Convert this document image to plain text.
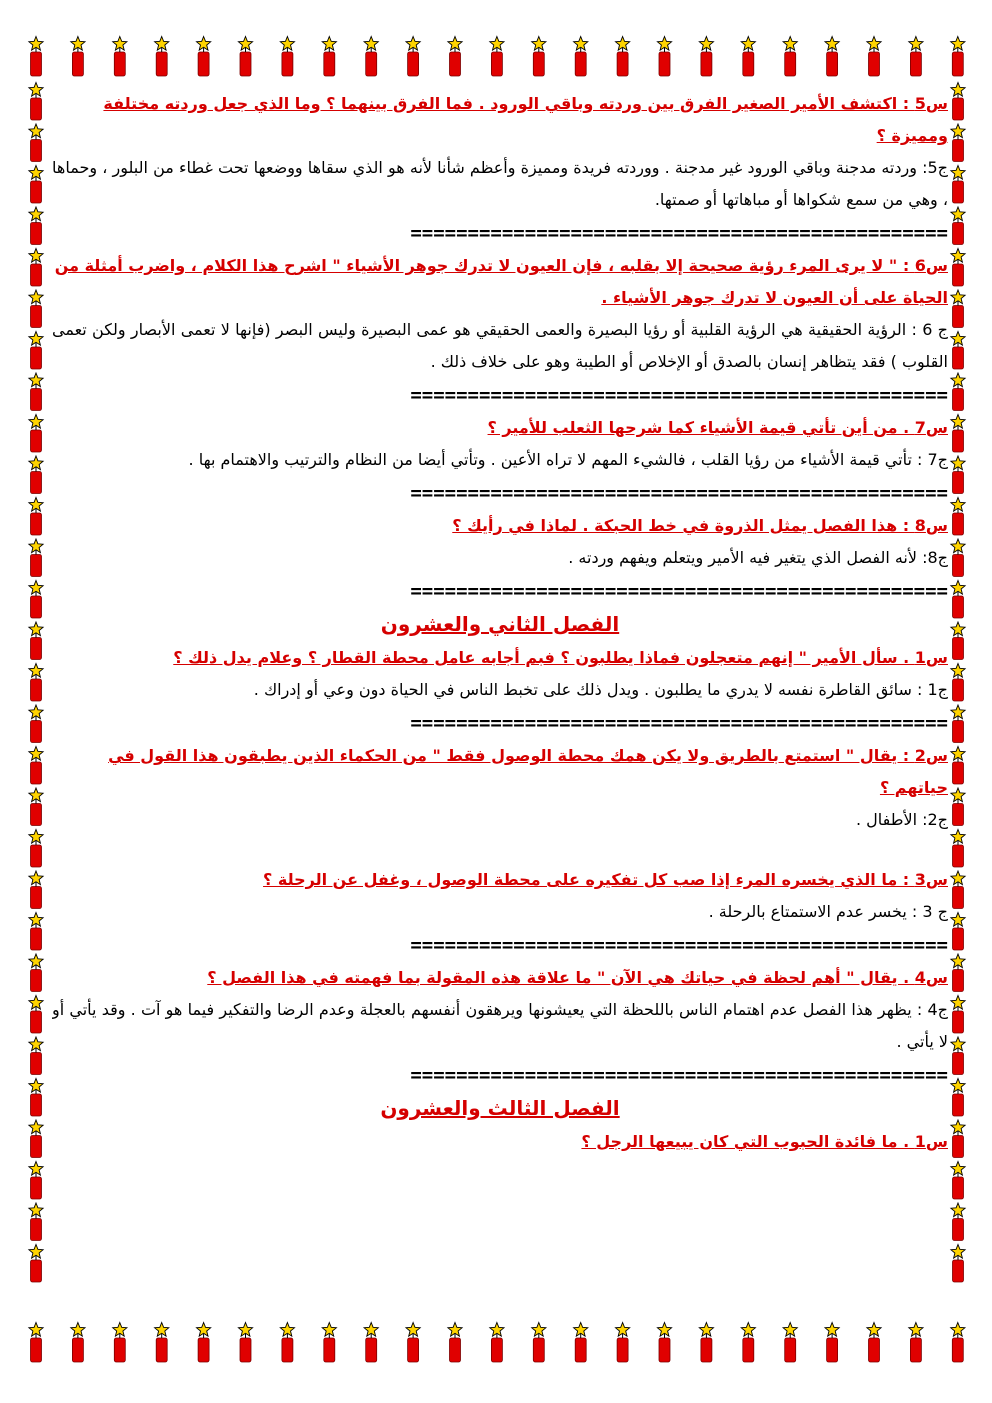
س5 : اكتشف الأمير الصغير الفرق بين وردته وباقي الورود . فما الفرق بينهما ؟ وما الذي جعل وردته مختلفة ومميزة ؟

ج5: وردته مدجنة وباقي الورود غير مدجنة . ووردته فريدة ومميزة وأعظم شأنا لأنه هو الذي سقاها ووضعها تحت غطاء من البلور ، وحماها ، وهي من سمع شكواها أو مباهاتها أو صمتها.

===============================================

س6 : " لا يرى المرء رؤية صحيحة إلا بقلبه ، فإن العيون لا تدرك جوهر الأشياء " اشرح هذا الكلام ، واضرب أمثلة من الحياة على أن العيون لا تدرك جوهر الأشياء .

ج 6 : الرؤية الحقيقية هي الرؤية القلبية أو رؤيا البصيرة والعمى الحقيقي هو عمى البصيرة وليس البصر (فإنها لا تعمى الأبصار ولكن تعمى القلوب ) فقد يتظاهر إنسان بالصدق أو الإخلاص أو الطيبة وهو على خلاف ذلك .

===============================================

س7 . من أين تأتي قيمة الأشياء كما شرحها الثعلب للأمير ؟

ج7 : تأتي قيمة الأشياء من رؤيا القلب ، فالشيء المهم لا تراه الأعين . وتأتي أيضا من النظام والترتيب والاهتمام بها .

===============================================

س8 : هذا الفصل يمثل الذروة في خط الحبكة . لماذا في رأيك ؟

ج8: لأنه الفصل الذي يتغير فيه الأمير ويتعلم ويفهم وردته .

===============================================

الفصل الثاني والعشرون

س1 . سأل الأمير " إنهم متعجلون فماذا يطلبون ؟ فبم أجابه عامل محطة القطار ؟ وعلام يدل ذلك ؟

ج1 : سائق القاطرة نفسه لا يدري ما يطلبون . ويدل ذلك على تخبط الناس في الحياة دون وعي أو إدراك .

===============================================

س2 : يقال " استمتع بالطريق ولا يكن همك محطة الوصول فقط " من الحكماء الذين يطبقون هذا القول في حياتهم ؟

ج2: الأطفال .

س3 : ما الذي يخسره المرء إذا صب كل تفكيره على محطة الوصول ، وغفل عن الرحلة ؟

ج 3 : يخسر عدم الاستمتاع بالرحلة .

===============================================

س4 . يقال " أهم لحظة في حياتك هي الآن " ما علاقة هذه المقولة بما فهمته في هذا الفصل ؟

ج4 : يظهر هذا الفصل عدم اهتمام الناس باللحظة التي يعيشونها ويرهقون أنفسهم بالعجلة وعدم الرضا والتفكير فيما هو آت . وقد يأتي أو لا يأتي .

===============================================

الفصل الثالث والعشرون

س1 . ما فائدة الحبوب التي كان يبيعها الرجل ؟
